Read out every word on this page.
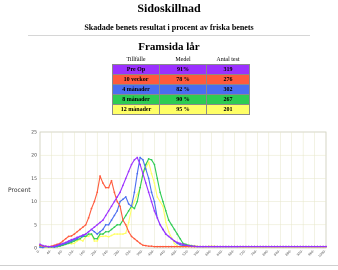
Sidoskillnad
Skadade benets resultat i procent av friska benets
Framsida lår
Tillfälle	Medel	Antal test
Pre Op	91%	319
10 veckor	78 %	276
4 månader	82 %	302
8 månader	90 %	267
12 månader	95 %	201
0
5
10
15
20
25
Procent
0- 40- 80- 120- 160- 200- 240- 280- 320- 360- 400- 440- 480- 520- 560- 600- 640- 680- 720- 760- 800- 840- 880- 920- 960- 1000-
